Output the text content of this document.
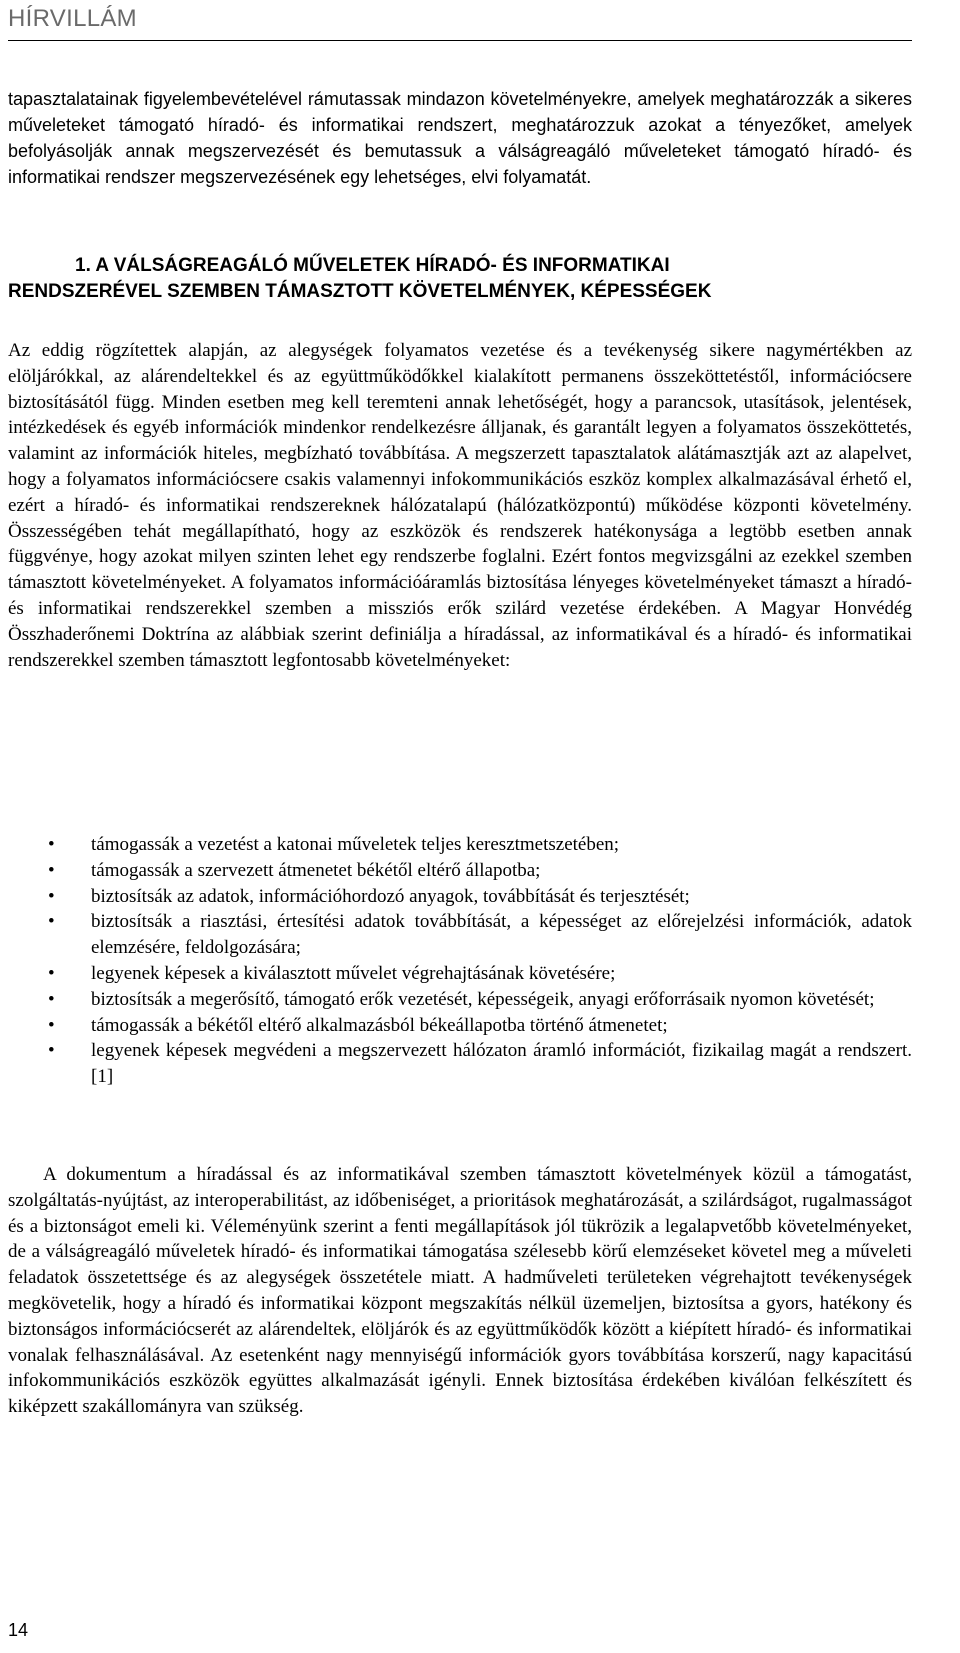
HÍRVILLÁM

tapasztalatainak figyelembevételével rámutassak mindazon követelményekre, amelyek meghatározzák a sikeres műveleteket támogató híradó- és informatikai rendszert, meghatározzuk azokat a tényezőket, amelyek befolyásolják annak megszervezését és bemutassuk a válságreagáló műveleteket támogató híradó- és informatikai rendszer megszervezésének egy lehetséges, elvi folyamatát.

1. A VÁLSÁGREAGÁLÓ MŰVELETEK HÍRADÓ- ÉS INFORMATIKAI
RENDSZERÉVEL SZEMBEN TÁMASZTOTT KÖVETELMÉNYEK, KÉPESSÉGEK

Az eddig rögzítettek alapján, az alegységek folyamatos vezetése és a tevékenység sikere nagymértékben az elöljárókkal, az alárendeltekkel és az együttműködőkkel kialakított permanens összeköttetéstől, információcsere biztosításától függ. Minden esetben meg kell teremteni annak lehetőségét, hogy a parancsok, utasítások, jelentések, intézkedések és egyéb információk mindenkor rendelkezésre álljanak, és garantált legyen a folyamatos összeköttetés, valamint az információk hiteles, megbízható továbbítása. A megszerzett tapasztalatok alátámasztják azt az alapelvet, hogy a folyamatos információcsere csakis valamennyi infokommunikációs eszköz komplex alkalmazásával érhető el, ezért a híradó- és informatikai rendszereknek hálózatalapú (hálózatközpontú) működése központi követelmény. Összességében tehát megállapítható, hogy az eszközök és rendszerek hatékonysága a legtöbb esetben annak függvénye, hogy azokat milyen szinten lehet egy rendszerbe foglalni. Ezért fontos megvizsgálni az ezekkel szemben támasztott követelményeket. A folyamatos információáramlás biztosítása lényeges követelményeket támaszt a híradó- és informatikai rendszerekkel szemben a missziós erők szilárd vezetése érdekében. A Magyar Honvédég Összhaderőnemi Doktrína az alábbiak szerint definiálja a híradással, az informatikával és a híradó- és informatikai rendszerekkel szemben támasztott legfontosabb követelményeket:

•	támogassák a vezetést a katonai műveletek teljes keresztmetszetében;
•	támogassák a szervezett átmenetet békétől eltérő állapotba;
•	biztosítsák az adatok, információhordozó anyagok, továbbítását és terjesztését;
•	biztosítsák a riasztási, értesítési adatok továbbítását, a képességet az előrejelzési információk, adatok elemzésére, feldolgozására;
•	legyenek képesek a kiválasztott művelet végrehajtásának követésére;
•	biztosítsák a megerősítő, támogató erők vezetését, képességeik, anyagi erőforrásaik nyomon követését;
•	támogassák a békétől eltérő alkalmazásból békeállapotba történő átmenetet;
•	legyenek képesek megvédeni a megszervezett hálózaton áramló információt, fizikailag magát a rendszert. [1]

A dokumentum a híradással és az informatikával szemben támasztott követelmények közül a támogatást, szolgáltatás-nyújtást, az interoperabilitást, az időbeniséget, a prioritások meghatározását, a szilárdságot, rugalmasságot és a biztonságot emeli ki. Véleményünk szerint a fenti megállapítások jól tükrözik a legalapvetőbb követelményeket, de a válságreagáló műveletek híradó- és informatikai támogatása szélesebb körű elemzéseket követel meg a műveleti feladatok összetettsége és az alegységek összetétele miatt. A hadműveleti területeken végrehajtott tevékenységek megkövetelik, hogy a híradó és informatikai központ megszakítás nélkül üzemeljen, biztosítsa a gyors, hatékony és biztonságos információcserét az alárendeltek, elöljárók és az együttműködők között a kiépített híradó- és informatikai vonalak felhasználásával. Az esetenként nagy mennyiségű információk gyors továbbítása korszerű, nagy kapacitású infokommunikációs eszközök együttes alkalmazását igényli. Ennek biztosítása érdekében kiválóan felkészített és kiképzett szakállományra van szükség.

14
